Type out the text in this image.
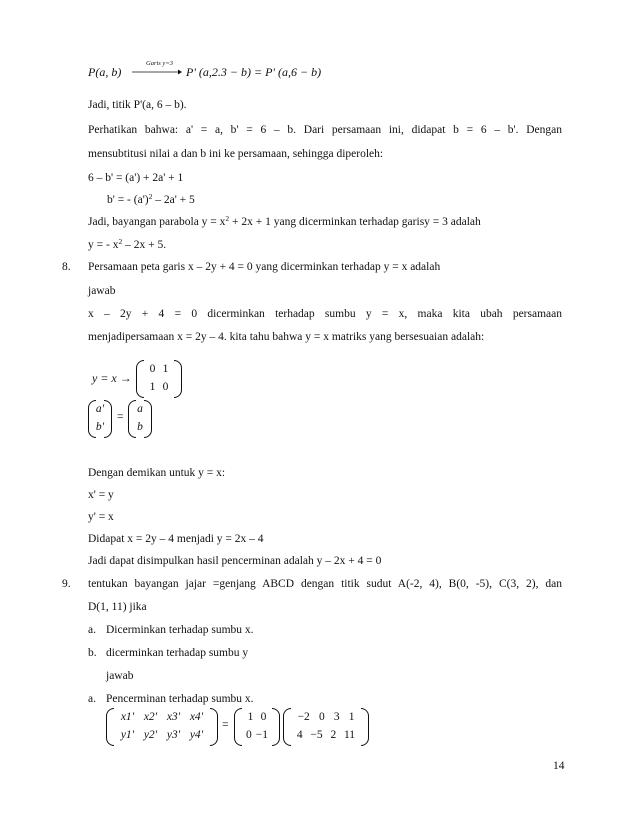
P(a, b)
Garis y=3
P' (a,2.3 − b) = P' (a,6 − b)
Jadi, titik P'(a, 6 – b).
Perhatikan bahwa: a' = a, b' = 6 – b. Dari persamaan ini, didapat b = 6 – b'. Dengan
mensubtitusi nilai a dan b ini ke persamaan, sehingga diperoleh:
6 – b' = (a') + 2a' + 1
b' = - $(a')^2 - 2a' + 5$
Jadi, bayangan parabola $y = x^2 + 2x + 1$ yang dicerminkan terhadap garisy = 3 adalah
y = - $x^2 - 2x + 5$.
8. Persamaan peta garis x – 2y + 4 = 0 yang dicerminkan terhadap y = x adalah
jawab
x – 2y + 4 = 0 dicerminkan terhadap sumbu y = x, maka kita ubah persamaan
menjadipersamaan x = 2y – 4. kita tahu bahwa y = x matriks yang bersesuaian adalah:
y = x →
0 1
1 0
a'
b'
=
a
b
Dengan demikan untuk y = x:
x' = y
y' = x
Didapat x = 2y – 4 menjadi y = 2x – 4
Jadi dapat disimpulkan hasil pencerminan adalah y – 2x + 4 = 0
9. tentukan bayangan jajar =genjang ABCD dengan titik sudut A(-2, 4), B(0, -5), C(3, 2), dan
D(1, 11) jika
a. Dicerminkan terhadap sumbu x.
b. dicerminkan terhadap sumbu y
jawab
a. Pencerminan terhadap sumbu x.
x1' x2' x3' x4'
y1' y2' y3' y4'
=
1 0
0 −1
−2 0 3 1
4 −5 2 11
14
